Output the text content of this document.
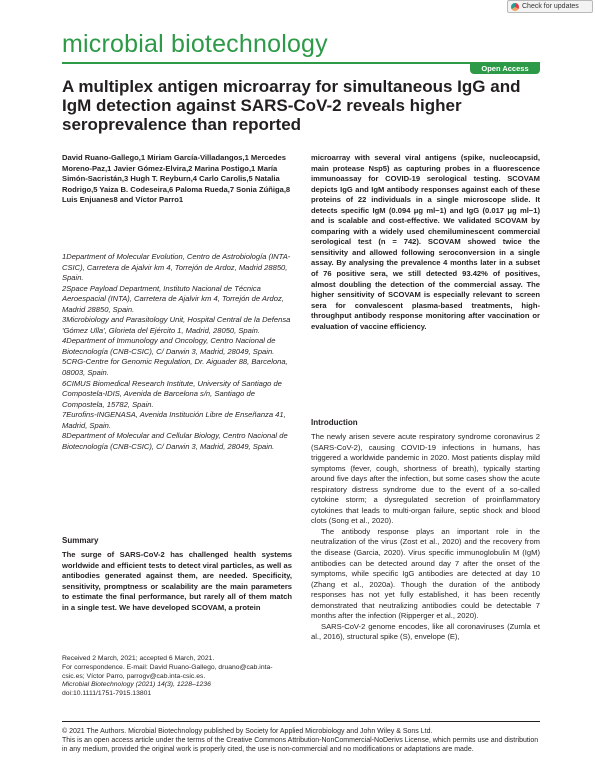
Check for updates
microbial biotechnology
Open Access
A multiplex antigen microarray for simultaneous IgG and IgM detection against SARS-CoV-2 reveals higher seroprevalence than reported
David Ruano-Gallego,1 Miriam García-Villadangos,1 Mercedes Moreno-Paz,1 Javier Gómez-Elvira,2 Marina Postigo,1 María Simón-Sacristán,3 Hugh T. Reyburn,4 Carlo Carolis,5 Natalia Rodrigo,5 Yaiza B. Codeseira,6 Paloma Rueda,7 Sonia Zúñiga,8 Luis Enjuanes8 and Víctor Parro1

1Department of Molecular Evolution, Centro de Astrobiología (INTA-CSIC), Carretera de Ajalvir km 4, Torrejón de Ardoz, Madrid 28850, Spain.

2Space Payload Department, Instituto Nacional de Técnica Aeroespacial (INTA), Carretera de Ajalvir km 4, Torrejón de Ardoz, Madrid 28850, Spain.

3Microbiology and Parasitology Unit, Hospital Central de la Defensa 'Gómez Ulla', Glorieta del Ejército 1, Madrid, 28050, Spain.

4Department of Immunology and Oncology, Centro Nacional de Biotecnología (CNB-CSIC), C/ Darwin 3, Madrid, 28049, Spain.

5CRG-Centre for Genomic Regulation, Dr. Aiguader 88, Barcelona, 08003, Spain.

6CIMUS Biomedical Research Institute, University of Santiago de Compostela-IDIS, Avenida de Barcelona s/n, Santiago de Compostela, 15782, Spain.

7Eurofins-INGENASA, Avenida Institución Libre de Enseñanza 41, Madrid, Spain.

8Department of Molecular and Cellular Biology, Centro Nacional de Biotecnología (CNB-CSIC), C/ Darwin 3, Madrid, 28049, Spain.

Summary
The surge of SARS-CoV-2 has challenged health systems worldwide and efficient tests to detect viral particles, as well as antibodies generated against them, are needed. Specificity, sensitivity, promptness or scalability are the main parameters to estimate the final performance, but rarely all of them match in a single test. We have developed SCOVAM, a protein
Received 2 March, 2021; accepted 6 March, 2021.
For correspondence. E-mail: David Ruano-Gallego, druano@cab.inta-csic.es; Víctor Parro, parrogv@cab.inta-csic.es.
Microbial Biotechnology (2021) 14(3), 1228–1236
doi:10.1111/1751-7915.13801
microarray with several viral antigens (spike, nucleocapsid, main protease Nsp5) as capturing probes in a fluorescence immunoassay for COVID-19 serological testing. SCOVAM depicts IgG and IgM antibody responses against each of these proteins of 22 individuals in a single microscope slide. It detects specific IgM (0.094 μg ml−1) and IgG (0.017 μg ml−1) and is scalable and cost-effective. We validated SCOVAM by comparing with a widely used chemiluminescent commercial serological test (n = 742). SCOVAM showed twice the sensitivity and allowed following seroconversion in a single assay. By analysing the prevalence 4 months later in a subset of 76 positive sera, we still detected 93.42% of positives, almost doubling the detection of the commercial assay. The higher sensitivity of SCOVAM is especially relevant to screen sera for convalescent plasma-based treatments, high-throughput antibody response monitoring after vaccination or evaluation of vaccine efficiency.
Introduction

The newly arisen severe acute respiratory syndrome coronavirus 2 (SARS-CoV-2), causing COVID-19 infections in humans, has triggered a worldwide pandemic in 2020. Most patients display mild symptoms (fever, cough, shortness of breath), typically starting around five days after the infection, but some cases show the acute respiratory distress syndrome due to the event of a so-called cytokine storm; a dysregulated secretion of proinflammatory cytokines that leads to multi-organ failure, septic shock and blood clots (Song et al., 2020).

The antibody response plays an important role in the neutralization of the virus (Zost et al., 2020) and the recovery from the disease (Garcia, 2020). Virus specific immunoglobulin M (IgM) antibodies can be detected around day 7 after the onset of the symptoms, while specific IgG antibodies are detected at day 10 (Zhang et al., 2020a). Though the duration of the antibody responses has not yet fully established, it has been recently demonstrated that neutralizing antibodies could be detectable 7 months after the infection (Ripperger et al., 2020).

SARS-CoV-2 genome encodes, like all coronaviruses (Zumla et al., 2016), structural spike (S), envelope (E),

© 2021 The Authors. Microbial Biotechnology published by Society for Applied Microbiology and John Wiley & Sons Ltd.
This is an open access article under the terms of the Creative Commons Attribution-NonCommercial-NoDerivs License, which permits use and distribution in any medium, provided the original work is properly cited, the use is non-commercial and no modifications or adaptations are made.
